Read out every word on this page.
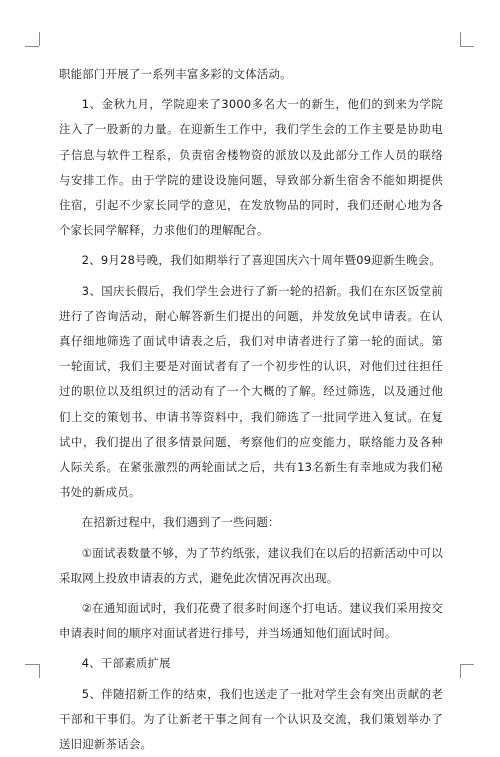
职能部门开展了一系列丰富多彩的文体活动。

1、金秋九月，学院迎来了3000多名大一的新生，他们的到来为学院注入了一股新的力量。在迎新生工作中，我们学生会的工作主要是协助电子信息与软件工程系，负责宿舍楼物资的派放以及此部分工作人员的联络与安排工作。由于学院的建设设施问题，导致部分新生宿舍不能如期提供住宿，引起不少家长同学的意见，在发放物品的同时，我们还耐心地为各个家长同学解释，力求他们的理解配合。

2、9月28号晚，我们如期举行了喜迎国庆六十周年暨09迎新生晚会。

3、国庆长假后，我们学生会进行了新一轮的招新。我们在东区饭堂前进行了咨询活动，耐心解答新生们提出的问题，并发放免试申请表。在认真仔细地筛选了面试申请表之后，我们对申请者进行了第一轮的面试。第一轮面试，我们主要是对面试者有了一个初步性的认识，对他们过往担任过的职位以及组织过的活动有了一个大概的了解。经过筛选，以及通过他们上交的策划书、申请书等资料中，我们筛选了一批同学进入复试。在复试中，我们提出了很多情景问题，考察他们的应变能力，联络能力及各种人际关系。在紧张激烈的两轮面试之后，共有13名新生有幸地成为我们秘书处的新成员。

在招新过程中，我们遇到了一些问题：

①面试表数量不够，为了节约纸张，建议我们在以后的招新活动中可以采取网上投放申请表的方式，避免此次情况再次出现。

②在通知面试时，我们花费了很多时间逐个打电话。建议我们采用按交申请表时间的顺序对面试者进行排号，并当场通知他们面试时间。

4、干部素质扩展

5、伴随招新工作的结束，我们也送走了一批对学生会有突出贡献的老干部和干事们。为了让新老干事之间有一个认识及交流，我们策划举办了送旧迎新茶话会。
